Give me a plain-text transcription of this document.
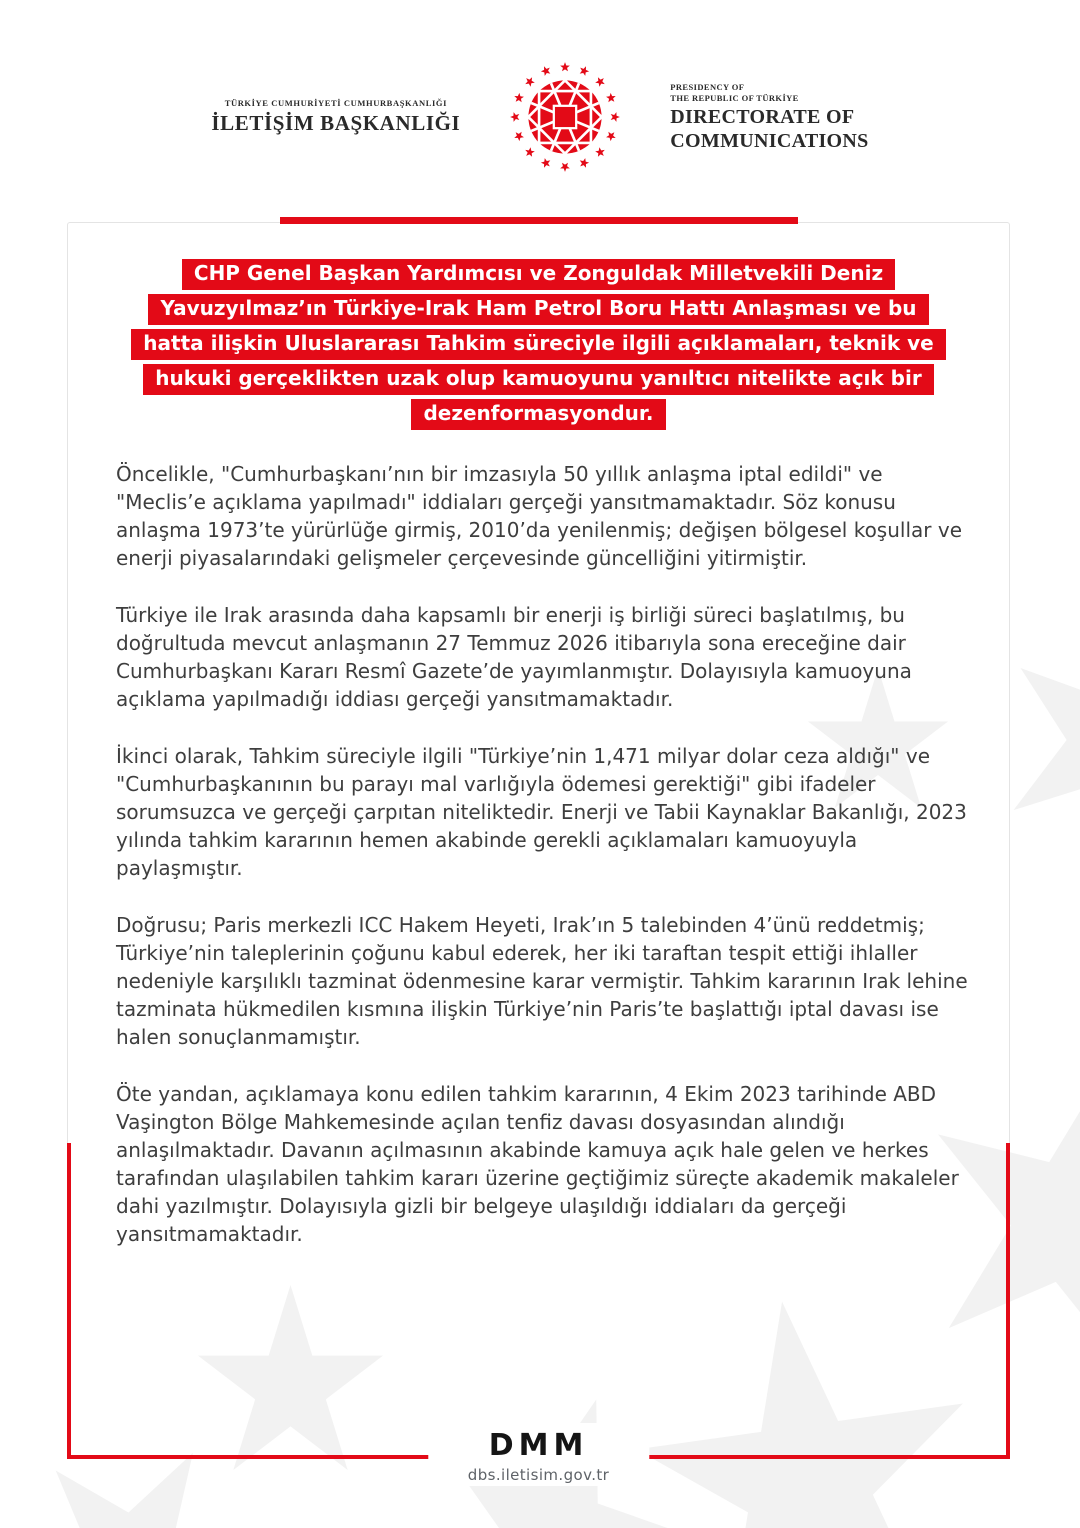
TÜRKİYE CUMHURİYETİ CUMHURBAŞKANLIĞI
İLETİŞİM BAŞKANLIĞI
PRESIDENCY OF
THE REPUBLIC OF TÜRKİYE
DIRECTORATE OF
COMMUNICATIONS
CHP Genel Başkan Yardımcısı ve Zonguldak Milletvekili Deniz
Yavuzyılmaz’ın Türkiye-Irak Ham Petrol Boru Hattı Anlaşması ve bu
hatta ilişkin Uluslararası Tahkim süreciyle ilgili açıklamaları, teknik ve
hukuki gerçeklikten uzak olup kamuoyunu yanıltıcı nitelikte açık bir
dezenformasyondur.

Öncelikle, "Cumhurbaşkanı’nın bir imzasıyla 50 yıllık anlaşma iptal edildi" ve "Meclis’e açıklama yapılmadı" iddiaları gerçeği yansıtmamaktadır. Söz konusu anlaşma 1973’te yürürlüğe girmiş, 2010’da yenilenmiş; değişen bölgesel koşullar ve enerji piyasalarındaki gelişmeler çerçevesinde güncelliğini yitirmiştir.

Türkiye ile Irak arasında daha kapsamlı bir enerji iş birliği süreci başlatılmış, bu doğrultuda mevcut anlaşmanın 27 Temmuz 2026 itibarıyla sona ereceğine dair Cumhurbaşkanı Kararı Resmî Gazete’de yayımlanmıştır. Dolayısıyla kamuoyuna açıklama yapılmadığı iddiası gerçeği yansıtmamaktadır.

İkinci olarak, Tahkim süreciyle ilgili "Türkiye’nin 1,471 milyar dolar ceza aldığı" ve "Cumhurbaşkanının bu parayı mal varlığıyla ödemesi gerektiği" gibi ifadeler sorumsuzca ve gerçeği çarpıtan niteliktedir. Enerji ve Tabii Kaynaklar Bakanlığı, 2023 yılında tahkim kararının hemen akabinde gerekli açıklamaları kamuoyuyla paylaşmıştır.

Doğrusu; Paris merkezli ICC Hakem Heyeti, Irak’ın 5 talebinden 4’ünü reddetmiş; Türkiye’nin taleplerinin çoğunu kabul ederek, her iki taraftan tespit ettiği ihlaller nedeniyle karşılıklı tazminat ödenmesine karar vermiştir. Tahkim kararının Irak lehine tazminata hükmedilen kısmına ilişkin Türkiye’nin Paris’te başlattığı iptal davası ise halen sonuçlanmamıştır.

Öte yandan, açıklamaya konu edilen tahkim kararının, 4 Ekim 2023 tarihinde ABD Vaşington Bölge Mahkemesinde açılan tenfiz davası dosyasından alındığı anlaşılmaktadır. Davanın açılmasının akabinde kamuya açık hale gelen ve herkes tarafından ulaşılabilen tahkim kararı üzerine geçtiğimiz süreçte akademik makaleler dahi yazılmıştır. Dolayısıyla gizli bir belgeye ulaşıldığı iddiaları da gerçeği yansıtmamaktadır.

DMM
dbs.iletisim.gov.tr
